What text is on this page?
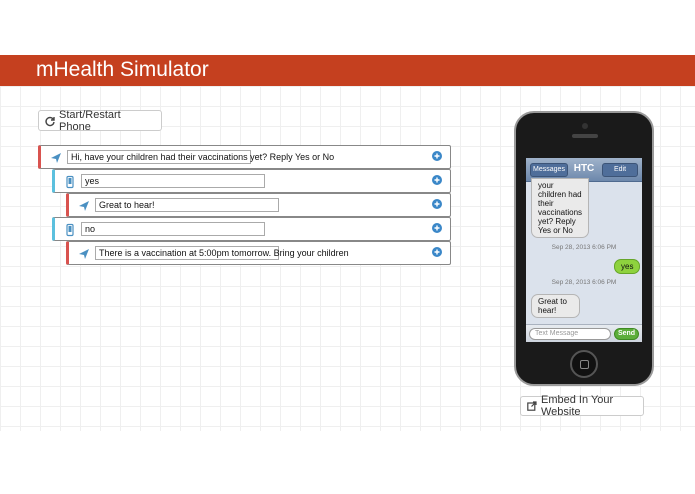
mHealth Simulator
Start/Restart Phone
Hi, have your children had their vaccinations yet? Reply Yes or No
yes
Great to hear!
no
There is a vaccination at 5:00pm tomorrow. Bring your children
Messages HTC	Edit
your children had their vaccinations yet? Reply Yes or No
Sep 28, 2013 6:06 PM
yes
Sep 28, 2013 6:06 PM
Great to hear!
Text Message	Send
Embed In Your Website
